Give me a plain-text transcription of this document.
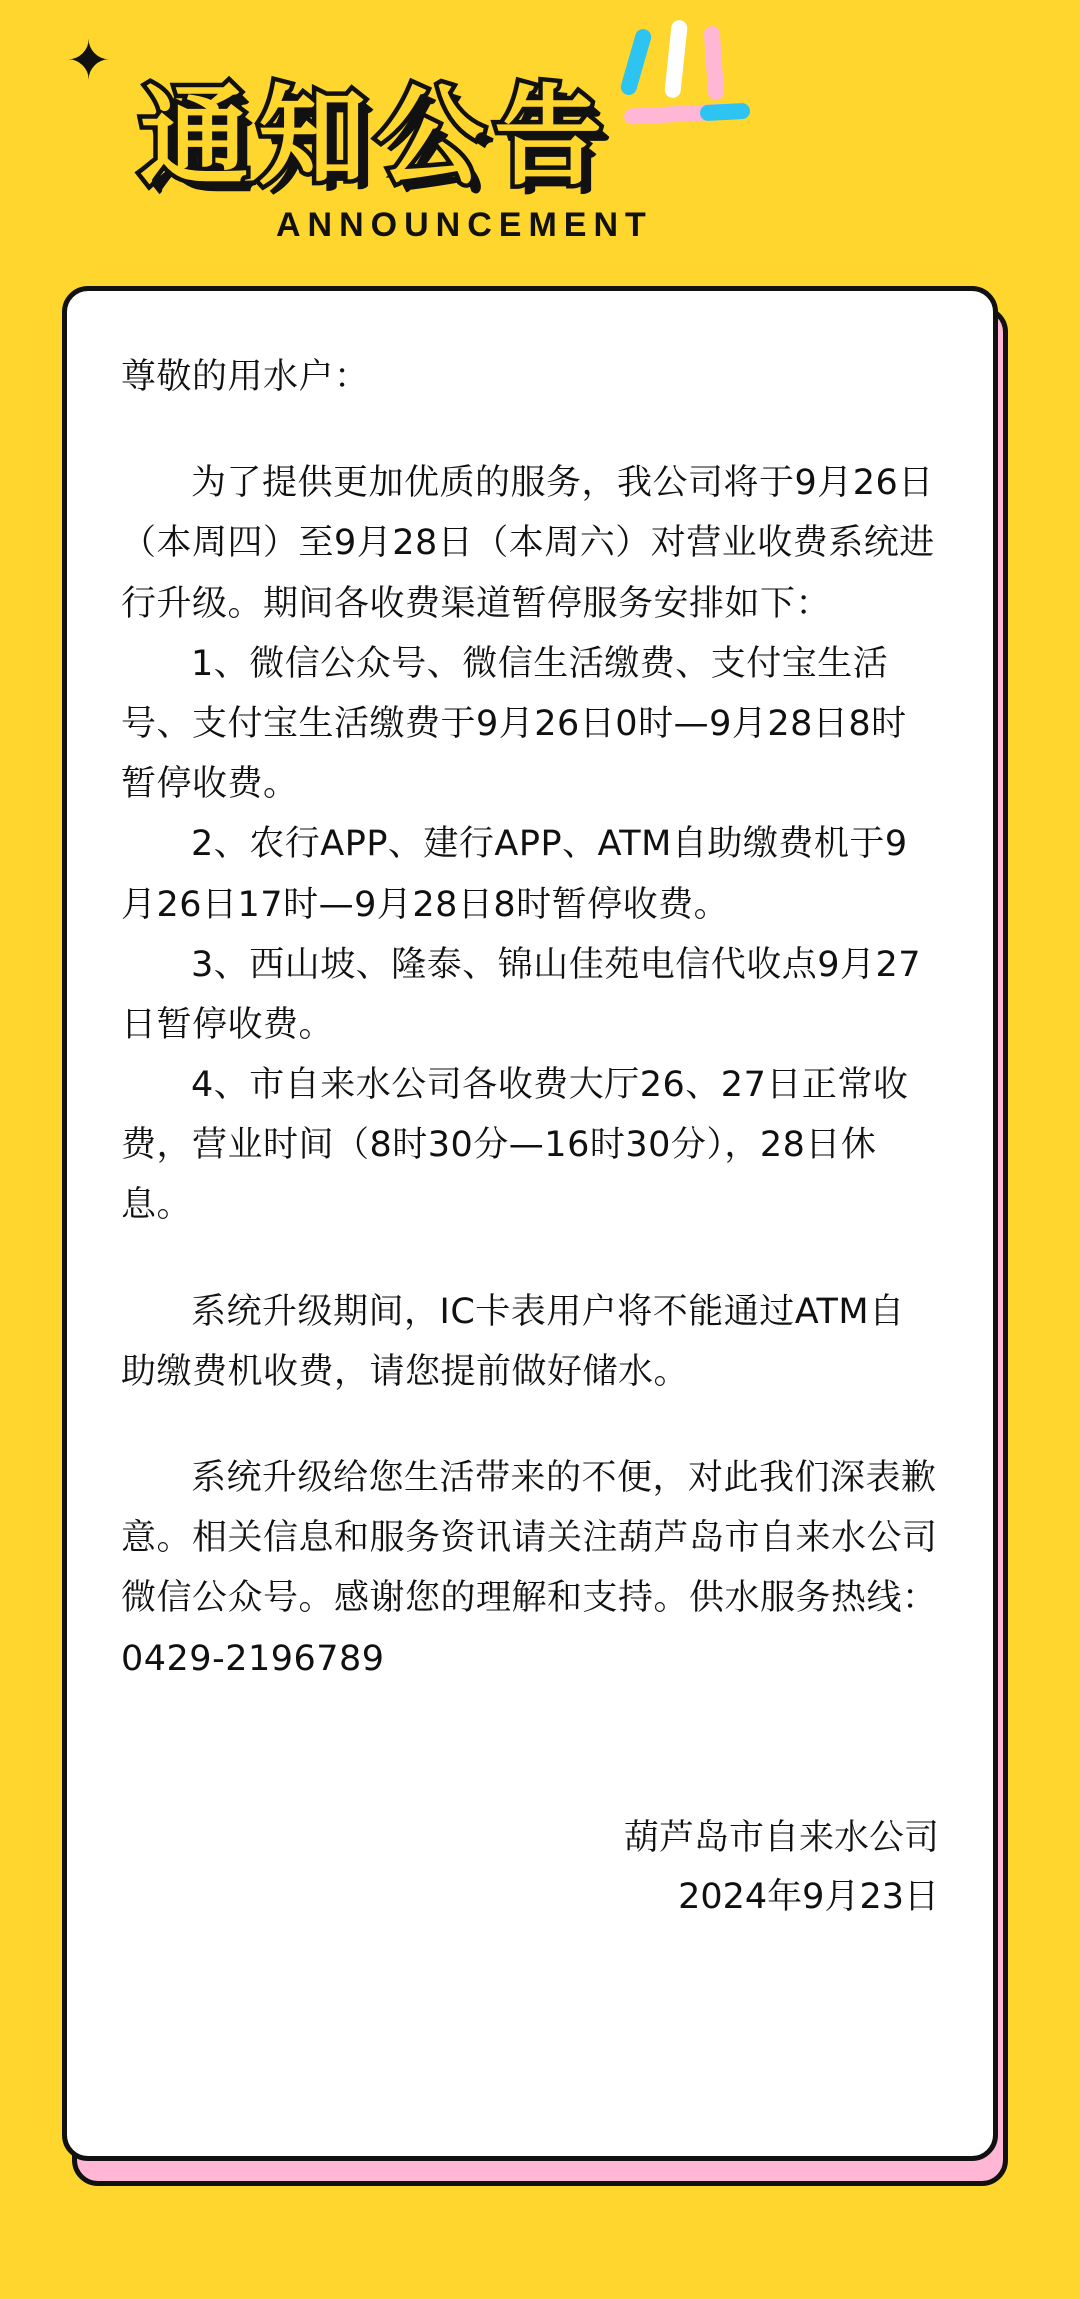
✦
通知公告
ANNOUNCEMENT

尊敬的用水户：

为了提供更加优质的服务，我公司将于9月26日（本周四）至9月28日（本周六）对营业收费系统进行升级。期间各收费渠道暂停服务安排如下：

1、微信公众号、微信生活缴费、支付宝生活号、支付宝生活缴费于9月26日0时—9月28日8时暂停收费。

2、农行APP、建行APP、ATM自助缴费机于9月26日17时—9月28日8时暂停收费。

3、西山坡、隆泰、锦山佳苑电信代收点9月27日暂停收费。

4、市自来水公司各收费大厅26、27日正常收费，营业时间（8时30分—16时30分），28日休息。

系统升级期间，IC卡表用户将不能通过ATM自助缴费机收费，请您提前做好储水。

系统升级给您生活带来的不便，对此我们深表歉意。相关信息和服务资讯请关注葫芦岛市自来水公司微信公众号。感谢您的理解和支持。供水服务热线：0429-2196789

葫芦岛市自来水公司
2024年9月23日
